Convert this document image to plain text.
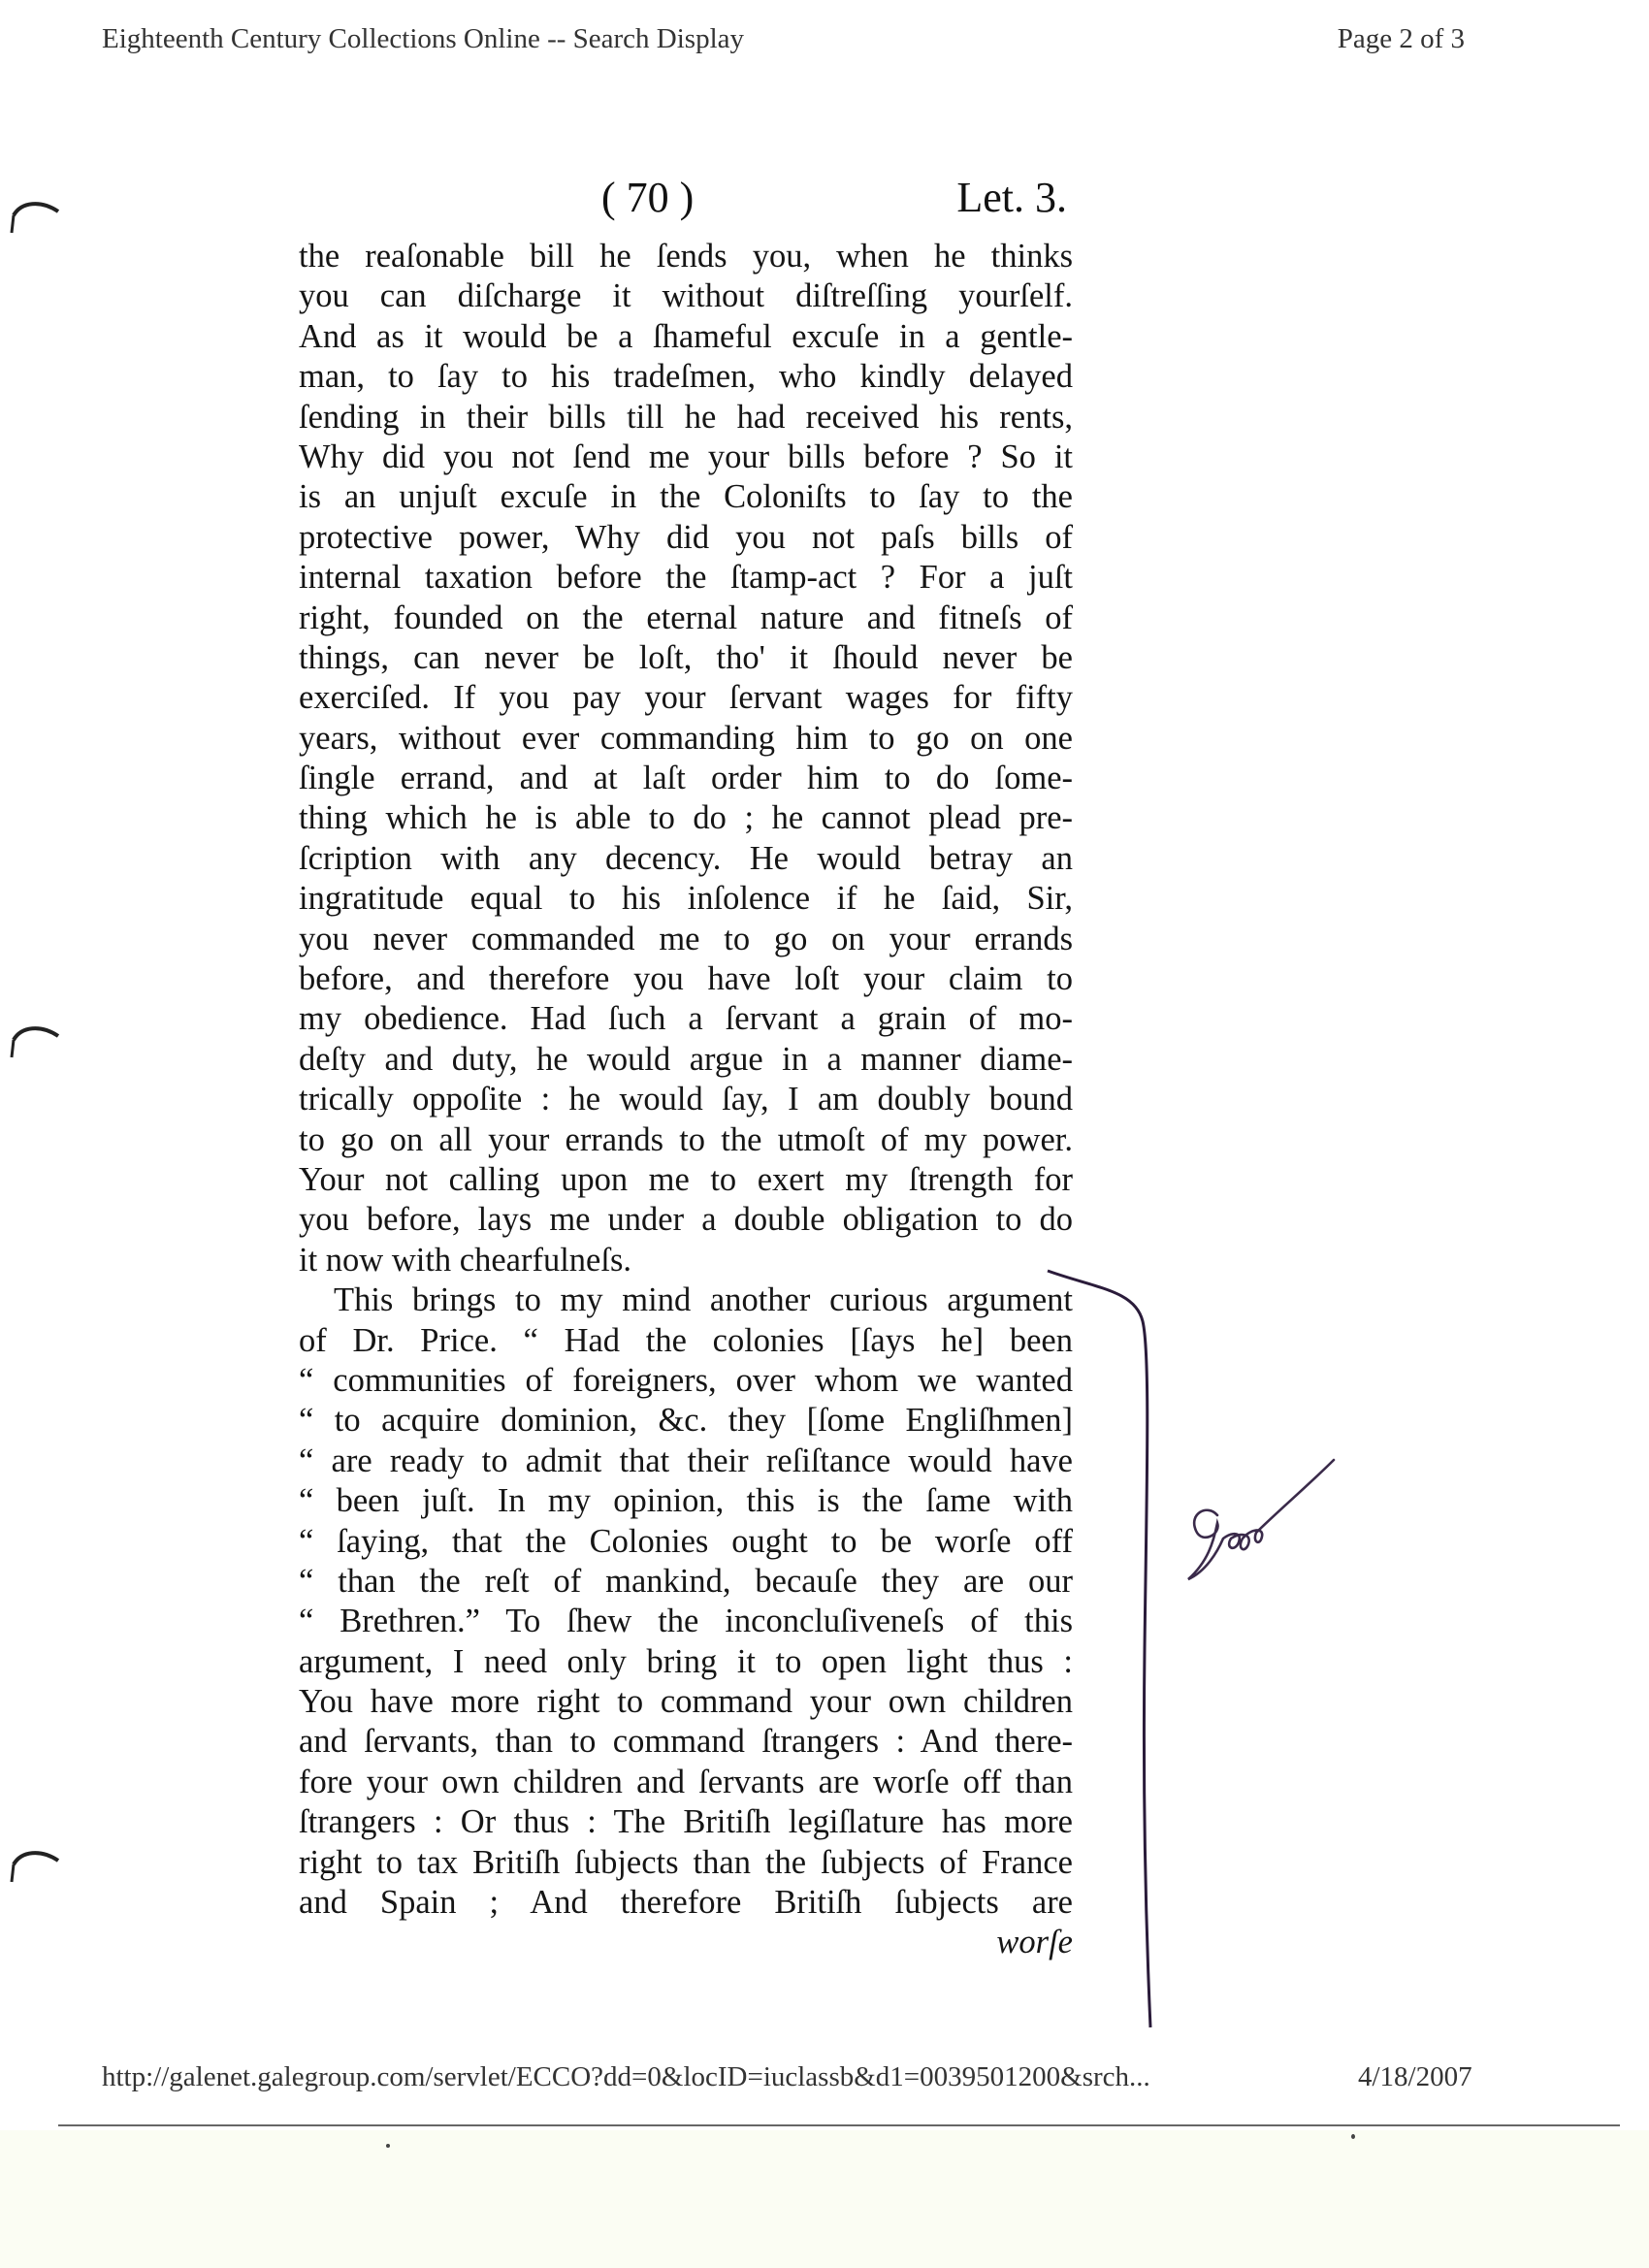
Eighteenth Century Collections Online -- Search Display	Page 2 of 3
( 70 )	Let. 3.
the reaſonable bill he ſends you, when he thinks
you can diſcharge it without diſtreſſing yourſelf.
And as it would be a ſhameful excuſe in a gentle-
man, to ſay to his tradeſmen, who kindly delayed
ſending in their bills till he had received his rents,
Why did you not ſend me your bills before ? So it
is an unjuſt excuſe in the Coloniſts to ſay to the
protective power, Why did you not paſs bills of
internal taxation before the ſtamp-act ? For a juſt
right, founded on the eternal nature and fitneſs of
things, can never be loſt, tho' it ſhould never be
exerciſed. If you pay your ſervant wages for fifty
years, without ever commanding him to go on one
ſingle errand, and at laſt order him to do ſome-
thing which he is able to do ; he cannot plead pre-
ſcription with any decency. He would betray an
ingratitude equal to his inſolence if he ſaid, Sir,
you never commanded me to go on your errands
before, and therefore you have loſt your claim to
my obedience. Had ſuch a ſervant a grain of mo-
deſty and duty, he would argue in a manner diame-
trically oppoſite : he would ſay, I am doubly bound
to go on all your errands to the utmoſt of my power.
Your not calling upon me to exert my ſtrength for
you before, lays me under a double obligation to do
it now with chearfulneſs.
This brings to my mind another curious argument
of Dr. Price. “ Had the colonies [ſays he] been
“ communities of foreigners, over whom we wanted
“ to acquire dominion, &c. they [ſome Engliſhmen]
“ are ready to admit that their reſiſtance would have
“ been juſt. In my opinion, this is the ſame with
“ ſaying, that the Colonies ought to be worſe off
“ than the reſt of mankind, becauſe they are our
“ Brethren.” To ſhew the inconcluſiveneſs of this
argument, I need only bring it to open light thus :
You have more right to command your own children
and ſervants, than to command ſtrangers : And there-
fore your own children and ſervants are worſe off than
ſtrangers : Or thus : The Britiſh legiſlature has more
right to tax Britiſh ſubjects than the ſubjects of France
and Spain ; And therefore Britiſh ſubjects are
worſe
http://galenet.galegroup.com/servlet/ECCO?dd=0&locID=iuclassb&d1=0039501200&srch...	4/18/2007
